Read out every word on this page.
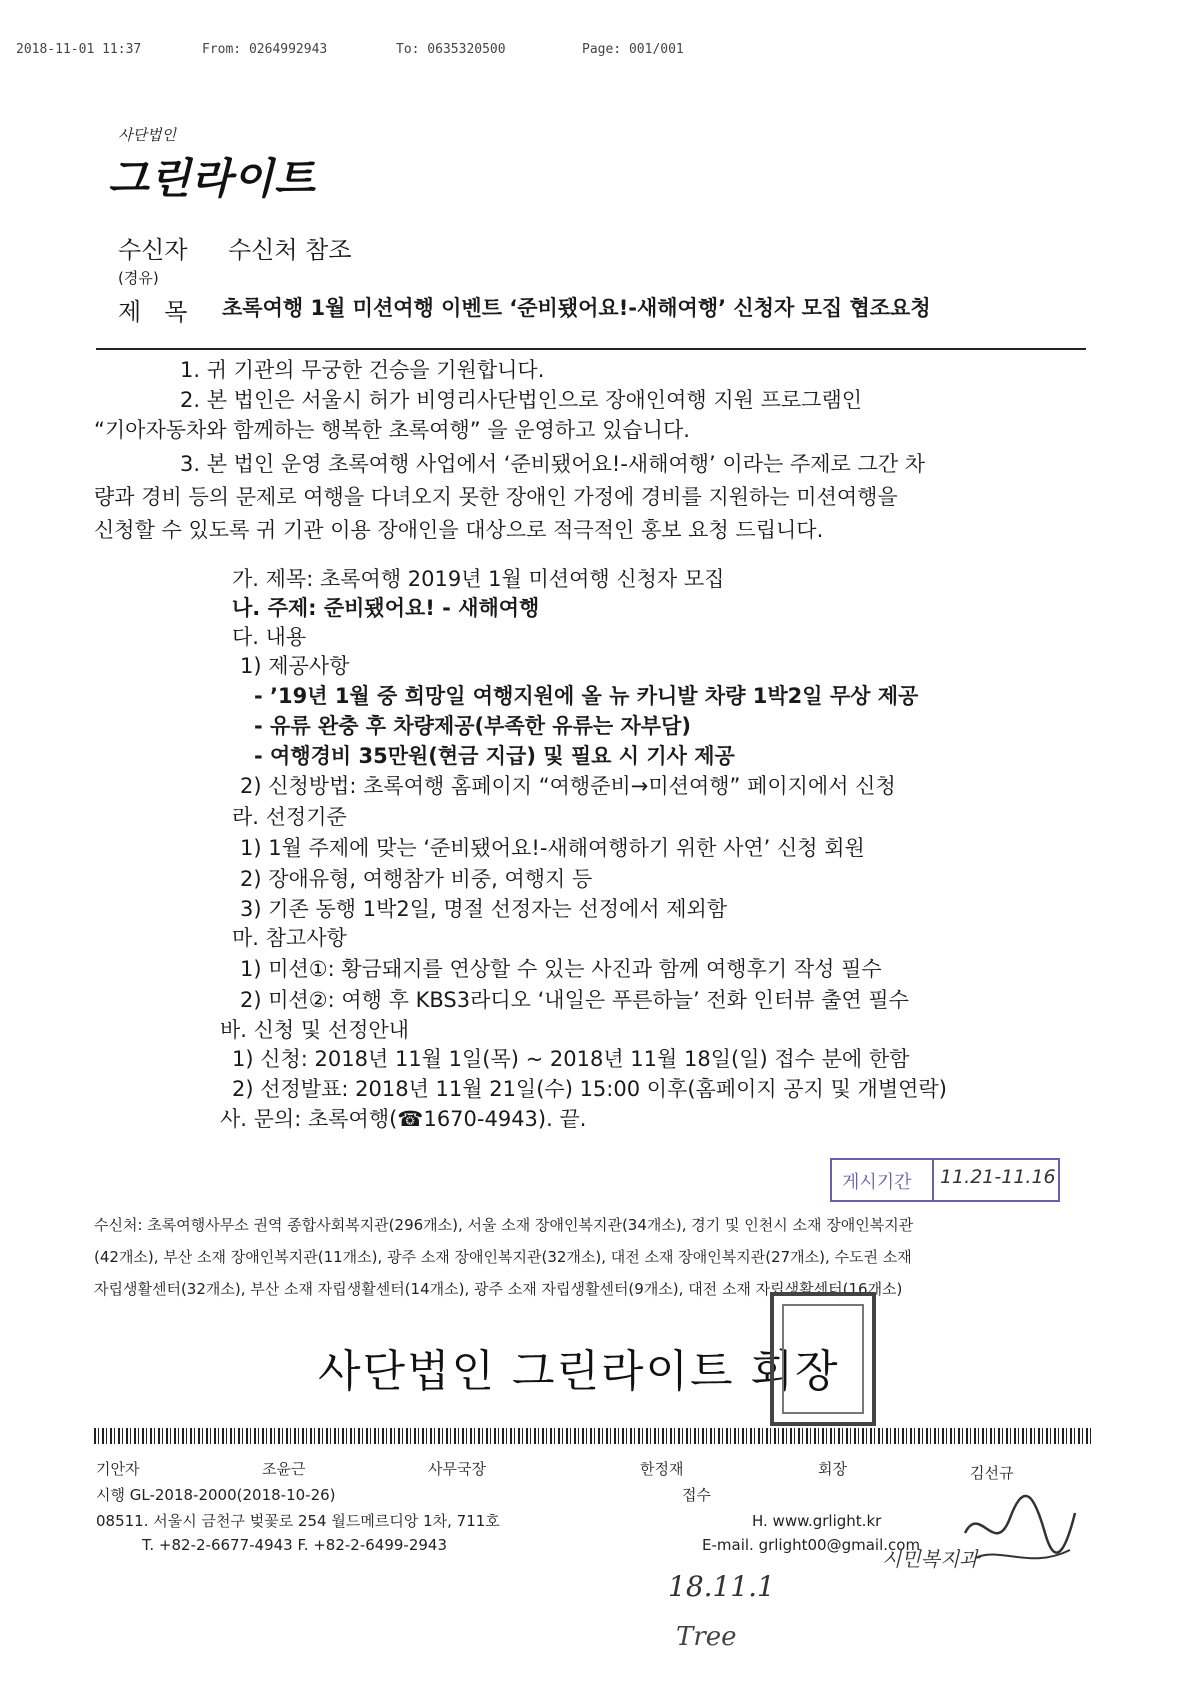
2018-11-01 11:37	From: 0264992943	To: 0635320500	Page: 001/001
사단법인
그린라이트
수신자 수신처 참조
(경유)
제   목 초록여행 1월 미션여행 이벤트 ‘준비됐어요!-새해여행’ 신청자 모집 협조요청
1. 귀 기관의 무궁한 건승을 기원합니다.
2. 본 법인은 서울시 허가 비영리사단법인으로 장애인여행 지원 프로그램인
“기아자동차와 함께하는 행복한 초록여행” 을 운영하고 있습니다.
3. 본 법인 운영 초록여행 사업에서 ‘준비됐어요!-새해여행’ 이라는 주제로 그간 차
량과 경비 등의 문제로 여행을 다녀오지 못한 장애인 가정에 경비를 지원하는 미션여행을
신청할 수 있도록 귀 기관 이용 장애인을 대상으로 적극적인 홍보 요청 드립니다.
가. 제목: 초록여행 2019년 1월 미션여행 신청자 모집
나. 주제: 준비됐어요! - 새해여행
다. 내용
1) 제공사항
- ’19년 1월 중 희망일 여행지원에 올 뉴 카니발 차량 1박2일 무상 제공
- 유류 완충 후 차량제공(부족한 유류는 자부담)
- 여행경비 35만원(현금 지급) 및 필요 시 기사 제공
2) 신청방법: 초록여행 홈페이지 “여행준비→미션여행” 페이지에서 신청
라. 선정기준
1) 1월 주제에 맞는 ‘준비됐어요!-새해여행하기 위한 사연’ 신청 회원
2) 장애유형, 여행참가 비중, 여행지 등
3) 기존 동행 1박2일, 명절 선정자는 선정에서 제외함
마. 참고사항
1) 미션①: 황금돼지를 연상할 수 있는 사진과 함께 여행후기 작성 필수
2) 미션②: 여행 후 KBS3라디오 ‘내일은 푸른하늘’ 전화 인터뷰 출연 필수
바. 신청 및 선정안내
1) 신청: 2018년 11월 1일(목) ~ 2018년 11월 18일(일) 접수 분에 한함
2) 선정발표: 2018년 11월 21일(수) 15:00 이후(홈페이지 공지 및 개별연락)
사. 문의: 초록여행(☎1670-4943). 끝.
게시기간 11.21-11.16
수신처: 초록여행사무소 권역 종합사회복지관(296개소), 서울 소재 장애인복지관(34개소), 경기 및 인천시 소재 장애인복지관
(42개소), 부산 소재 장애인복지관(11개소), 광주 소재 장애인복지관(32개소), 대전 소재 장애인복지관(27개소), 수도권 소재
자립생활센터(32개소), 부산 소재 자립생활센터(14개소), 광주 소재 자립생활센터(9개소), 대전 소재 자립생활센터(16개소)
사단법인 그린라이트 회장
기안자	조윤근	사무국장	한정재	회장	김선규
시행 GL-2018-2000(2018-10-26)	접수
08511. 서울시 금천구 벚꽃로 254 월드메르디앙 1차, 711호	H. www.grlight.kr
T. +82-2-6677-4943 F. +82-2-6499-2943	E-mail. grlight00@gmail.com
18.11.1
Tree
시민복지과
